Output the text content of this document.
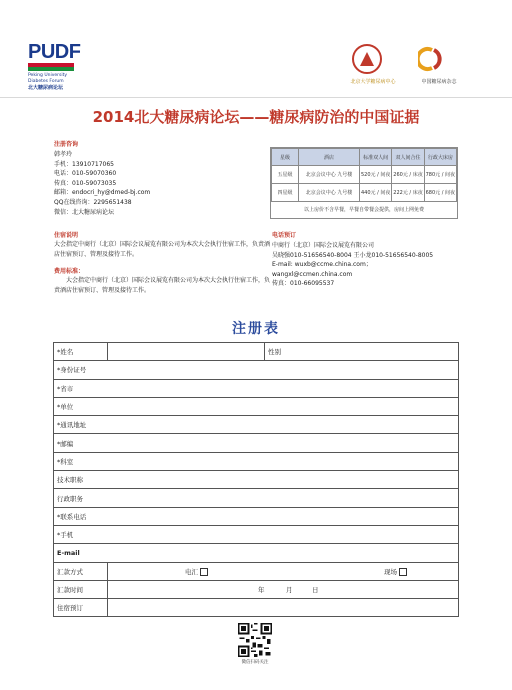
PUDF
Peking University
Diabetes Forum
北大糖尿病论坛
北京大学糖尿病中心	中国糖尿病杂志
2014北大糖尿病论坛——糖尿病防治的中国证据
注册咨询
韩孝玲
手机：13910717065
电话：010-59070360
传真：010-59073035
邮箱：endocri_hy@dmed-bj.com
QQ在线咨询：2295651438
微信：北大糖尿病论坛
住宿说明
大会指定中商行（北京）国际会议展览有限公司为本次大会执行住宿工作，负责酒店住宿预订、管理及接待工作。
费用标准：
大会指定中商行（北京）国际会议展览有限公司为本次大会执行住宿工作，负责酒店住宿预订、管理及接待工作。
星级	酒店	标准双人间	双人间合住	行政大床房
五星级	北京会议中心 九号楼	520元 / 间夜	260元 / 床夜	780元 / 间夜
四星级	北京会议中心 九号楼	440元 / 间夜	222元 / 床夜	680元 / 间夜
以上房价不含早餐，早餐自带餐会提供，房间上网免费
电话预订
中商行（北京）国际会议展览有限公司
吴晓强010-51656540-8004 王小龙010-51656540-8005
E-mail: wuxb@ccme.china.com；
wangxl@ccmen.china.com
传真：010-66095537
注册表
*姓名		性别	
*身份证号			
*省市			
*单位			
*通讯地址			
*邮编			
*科室			
技术职称			
行政职务			
*联系电话			
*手机			
E-mail			
汇款方式	电汇 现场		

汇款时间	年 月 日		

住宿预订			
微信扫码关注
